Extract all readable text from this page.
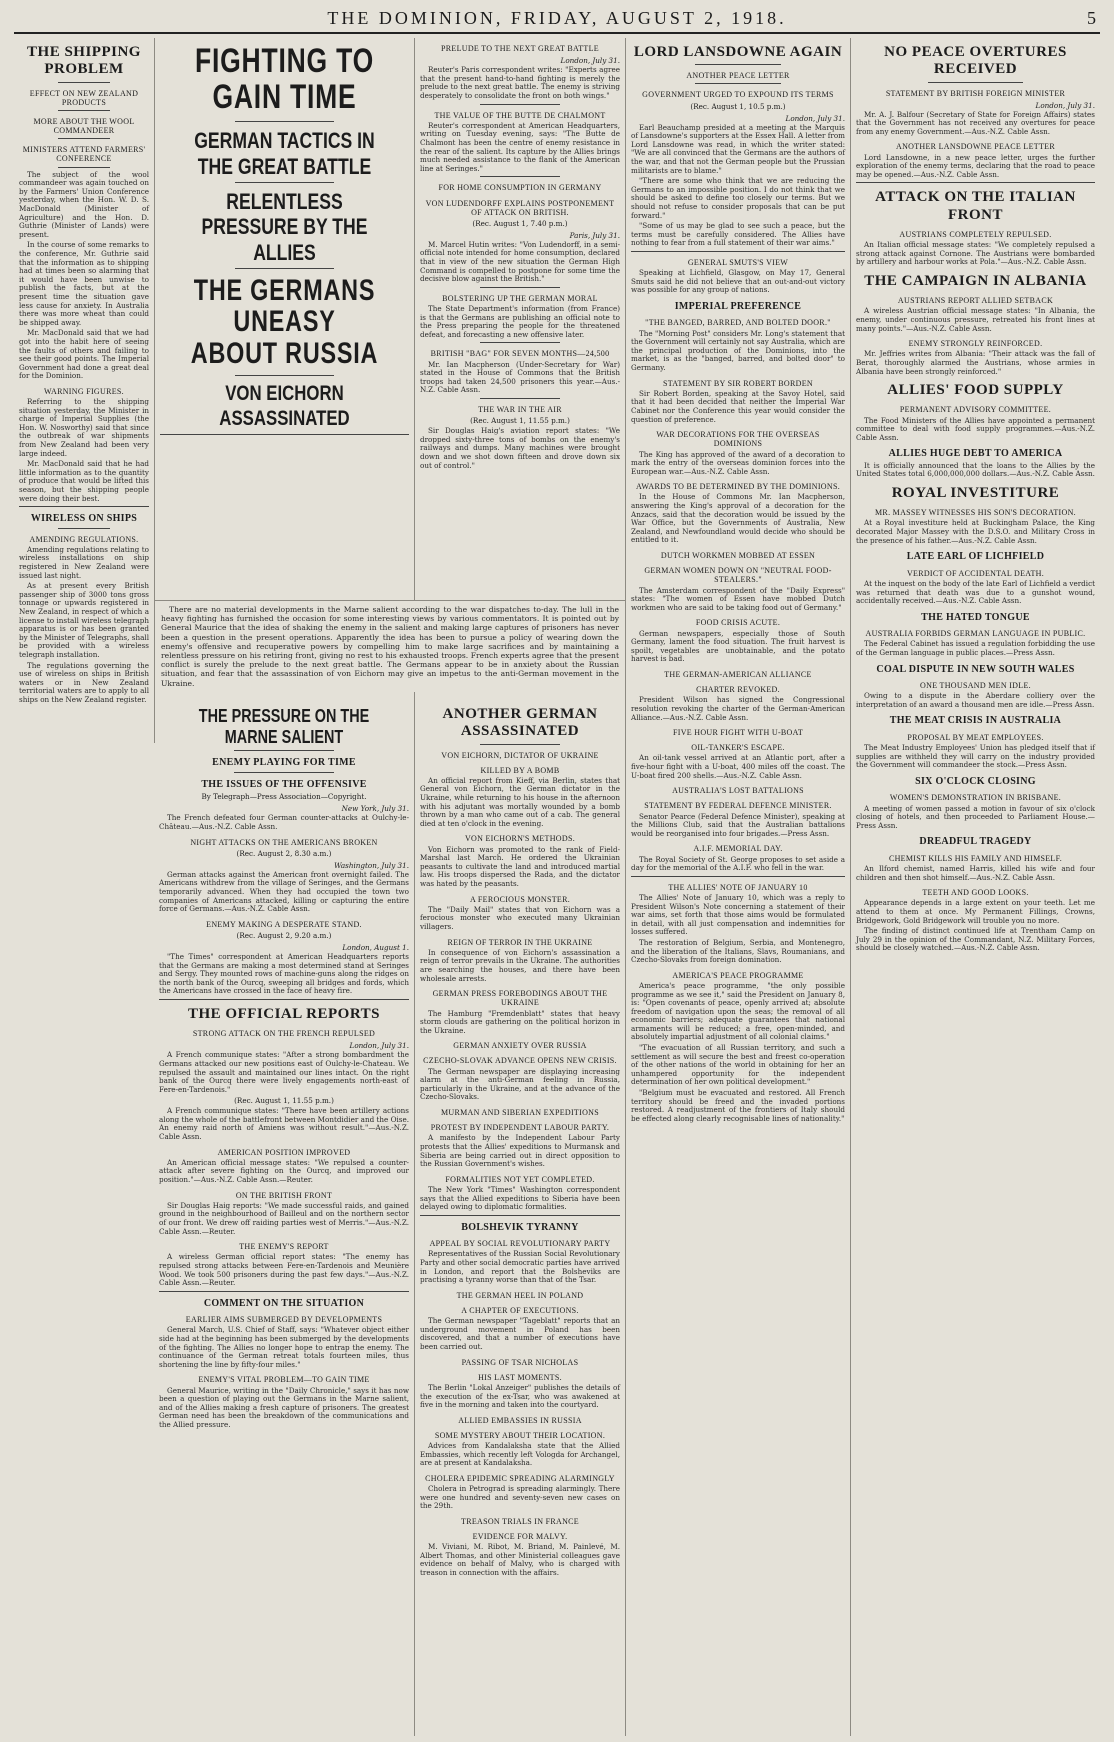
THE DOMINION, FRIDAY, AUGUST 2, 1918.	5
THE SHIPPING PROBLEM
EFFECT ON NEW ZEALAND PRODUCTS
MORE ABOUT THE WOOL COMMANDEER
MINISTERS ATTEND FARMERS' CONFERENCE

The subject of the wool commandeer was again touched on by the Farmers' Union Conference yesterday, when the Hon. W. D. S. MacDonald (Minister of Agriculture) and the Hon. D. Guthrie (Minister of Lands) were present.

In the course of some remarks to the conference, Mr. Guthrie said that the information as to shipping had at times been so alarming that it would have been unwise to publish the facts, but at the present time the situation gave less cause for anxiety. In Australia there was more wheat than could be shipped away.

Mr. MacDonald said that we had got into the habit here of seeing the faults of others and failing to see their good points. The Imperial Government had done a great deal for the Dominion.

WARNING FIGURES.

Referring to the shipping situation yesterday, the Minister in charge of Imperial Supplies (the Hon. W. Nosworthy) said that since the outbreak of war shipments from New Zealand had been very large indeed.

Mr. MacDonald said that he had little information as to the quantity of produce that would be lifted this season, but the shipping people were doing their best.

WIRELESS ON SHIPS
AMENDING REGULATIONS.

Amending regulations relating to wireless installations on ship registered in New Zealand were issued last night.

As at present every British passenger ship of 3000 tons gross tonnage or upwards registered in New Zealand, in respect of which a license to install wireless telegraph apparatus is or has been granted by the Minister of Telegraphs, shall be provided with a wireless telegraph installation.

The regulations governing the use of wireless on ships in British waters or in New Zealand territorial waters are to apply to all ships on the New Zealand register.

FIGHTING TO GAIN TIME
GERMAN TACTICS IN THE GREAT BATTLE
RELENTLESS PRESSURE BY THE ALLIES
THE GERMANS UNEASY ABOUT RUSSIA
VON EICHORN ASSASSINATED
PRELUDE TO THE NEXT GREAT BATTLE
London, July 31.

Reuter's Paris correspondent writes: "Experts agree that the present hand-to-hand fighting is merely the prelude to the next great battle. The enemy is striving desperately to consolidate the front on both wings."

THE VALUE OF THE BUTTE DE CHALMONT

Reuter's correspondent at American Headquarters, writing on Tuesday evening, says: "The Butte de Chalmont has been the centre of enemy resistance in the rear of the salient. Its capture by the Allies brings much needed assistance to the flank of the American line at Seringes."

FOR HOME CONSUMPTION IN GERMANY
VON LUDENDORFF EXPLAINS POSTPONEMENT OF ATTACK ON BRITISH.
(Rec. August 1, 7.40 p.m.)
Paris, July 31.

M. Marcel Hutin writes: "Von Ludendorff, in a semi-official note intended for home consumption, declared that in view of the new situation the German High Command is compelled to postpone for some time the decisive blow against the British."

BOLSTERING UP THE GERMAN MORAL

The State Department's information (from France) is that the Germans are publishing an official note to the Press preparing the people for the threatened defeat, and forecasting a new offensive later.

BRITISH "BAG" FOR SEVEN MONTHS—24,500

Mr. Ian Macpherson (Under-Secretary for War) stated in the House of Commons that the British troops had taken 24,500 prisoners this year.—Aus.-N.Z. Cable Assn.

THE WAR IN THE AIR
(Rec. August 1, 11.55 p.m.)

Sir Douglas Haig's aviation report states: "We dropped sixty-three tons of bombs on the enemy's railways and dumps. Many machines were brought down and we shot down fifteen and drove down six out of control."

There are no material developments in the Marne salient according to the war dispatches to-day. The lull in the heavy fighting has furnished the occasion for some interesting views by various commentators. It is pointed out by General Maurice that the idea of shaking the enemy in the salient and making large captures of prisoners has never been a question in the present operations. Apparently the idea has been to pursue a policy of wearing down the enemy's offensive and recuperative powers by compelling him to make large sacrifices and by maintaining a relentless pressure on his retiring front, giving no rest to his exhausted troops. French experts agree that the present conflict is surely the prelude to the next great battle. The Germans appear to be in anxiety about the Russian situation, and fear that the assassination of von Eichorn may give an impetus to the anti-German movement in the Ukraine.

THE PRESSURE ON THE MARNE SALIENT
ENEMY PLAYING FOR TIME
THE ISSUES OF THE OFFENSIVE
By Telegraph—Press Association—Copyright.
New York, July 31.

The French defeated four German counter-attacks at Oulchy-le-Château.—Aus.-N.Z. Cable Assn.

NIGHT ATTACKS ON THE AMERICANS BROKEN
(Rec. August 2, 8.30 a.m.)
Washington, July 31.

German attacks against the American front overnight failed. The Americans withdrew from the village of Seringes, and the Germans temporarily advanced. When they had occupied the town two companies of Americans attacked, killing or capturing the entire force of Germans.—Aus.-N.Z. Cable Assn.

ENEMY MAKING A DESPERATE STAND.
(Rec. August 2, 9.20 a.m.)
London, August 1.

"The Times" correspondent at American Headquarters reports that the Germans are making a most determined stand at Seringes and Sergy. They mounted rows of machine-guns along the ridges on the north bank of the Ourcq, sweeping all bridges and fords, which the Americans have crossed in the face of heavy fire.

THE OFFICIAL REPORTS
STRONG ATTACK ON THE FRENCH REPULSED
London, July 31.

A French communique states: "After a strong bombardment the Germans attacked our new positions east of Oulchy-le-Chateau. We repulsed the assault and maintained our lines intact. On the right bank of the Ourcq there were lively engagements north-east of Fere-en-Tardenois."

(Rec. August 1, 11.55 p.m.)

A French communique states: "There have been artillery actions along the whole of the battlefront between Montdidier and the Oise. An enemy raid north of Amiens was without result."—Aus.-N.Z. Cable Assn.

AMERICAN POSITION IMPROVED

An American official message states: "We repulsed a counter-attack after severe fighting on the Ourcq, and improved our position."—Aus.-N.Z. Cable Assn.—Reuter.

ON THE BRITISH FRONT

Sir Douglas Haig reports: "We made successful raids, and gained ground in the neighbourhood of Bailleul and on the northern sector of our front. We drew off raiding parties west of Merris."—Aus.-N.Z. Cable Assn.—Reuter.

THE ENEMY'S REPORT

A wireless German official report states: "The enemy has repulsed strong attacks between Fere-en-Tardenois and Meunière Wood. We took 500 prisoners during the past few days."—Aus.-N.Z. Cable Assn.—Reuter.

COMMENT ON THE SITUATION
EARLIER AIMS SUBMERGED BY DEVELOPMENTS

General March, U.S. Chief of Staff, says: "Whatever object either side had at the beginning has been submerged by the developments of the fighting. The Allies no longer hope to entrap the enemy. The continuance of the German retreat totals fourteen miles, thus shortening the line by fifty-four miles."

ENEMY'S VITAL PROBLEM—TO GAIN TIME

General Maurice, writing in the "Daily Chronicle," says it has now been a question of playing out the Germans in the Marne salient, and of the Allies making a fresh capture of prisoners. The greatest German need has been the breakdown of the communications and the Allied pressure.

ANOTHER GERMAN ASSASSINATED
VON EICHORN, DICTATOR OF UKRAINE
KILLED BY A BOMB

An official report from Kieff, via Berlin, states that General von Eichorn, the German dictator in the Ukraine, while returning to his house in the afternoon with his adjutant was mortally wounded by a bomb thrown by a man who came out of a cab. The general died at ten o'clock in the evening.

VON EICHORN'S METHODS.

Von Eichorn was promoted to the rank of Field-Marshal last March. He ordered the Ukrainian peasants to cultivate the land and introduced martial law. His troops dispersed the Rada, and the dictator was hated by the peasants.

A FEROCIOUS MONSTER.

The "Daily Mail" states that von Eichorn was a ferocious monster who executed many Ukrainian villagers.

REIGN OF TERROR IN THE UKRAINE

In consequence of von Eichorn's assassination a reign of terror prevails in the Ukraine. The authorities are searching the houses, and there have been wholesale arrests.

GERMAN PRESS FOREBODINGS ABOUT THE UKRAINE

The Hamburg "Fremdenblatt" states that heavy storm clouds are gathering on the political horizon in the Ukraine.

GERMAN ANXIETY OVER RUSSIA
CZECHO-SLOVAK ADVANCE OPENS NEW CRISIS.

The German newspaper are displaying increasing alarm at the anti-German feeling in Russia, particularly in the Ukraine, and at the advance of the Czecho-Slovaks.

MURMAN AND SIBERIAN EXPEDITIONS
PROTEST BY INDEPENDENT LABOUR PARTY.

A manifesto by the Independent Labour Party protests that the Allies' expeditions to Murmansk and Siberia are being carried out in direct opposition to the Russian Government's wishes.

FORMALITIES NOT YET COMPLETED.

The New York "Times" Washington correspondent says that the Allied expeditions to Siberia have been delayed owing to diplomatic formalities.

BOLSHEVIK TYRANNY
APPEAL BY SOCIAL REVOLUTIONARY PARTY

Representatives of the Russian Social Revolutionary Party and other social democratic parties have arrived in London, and report that the Bolsheviks are practising a tyranny worse than that of the Tsar.

THE GERMAN HEEL IN POLAND
A CHAPTER OF EXECUTIONS.

The German newspaper "Tageblatt" reports that an underground movement in Poland has been discovered, and that a number of executions have been carried out.

PASSING OF TSAR NICHOLAS
HIS LAST MOMENTS.

The Berlin "Lokal Anzeiger" publishes the details of the execution of the ex-Tsar, who was awakened at five in the morning and taken into the courtyard.

ALLIED EMBASSIES IN RUSSIA
SOME MYSTERY ABOUT THEIR LOCATION.

Advices from Kandalaksha state that the Allied Embassies, which recently left Vologda for Archangel, are at present at Kandalaksha.

CHOLERA EPIDEMIC SPREADING ALARMINGLY

Cholera in Petrograd is spreading alarmingly. There were one hundred and seventy-seven new cases on the 29th.

TREASON TRIALS IN FRANCE
EVIDENCE FOR MALVY.

M. Viviani, M. Ribot, M. Briand, M. Painlevé, M. Albert Thomas, and other Ministerial colleagues gave evidence on behalf of Malvy, who is charged with treason in connection with the affairs.

LORD LANSDOWNE AGAIN
ANOTHER PEACE LETTER
GOVERNMENT URGED TO EXPOUND ITS TERMS
(Rec. August 1, 10.5 p.m.)
London, July 31.

Earl Beauchamp presided at a meeting at the Marquis of Lansdowne's supporters at the Essex Hall. A letter from Lord Lansdowne was read, in which the writer stated: "We are all convinced that the Germans are the authors of the war, and that not the German people but the Prussian militarists are to blame."

"There are some who think that we are reducing the Germans to an impossible position. I do not think that we should be asked to define too closely our terms. But we should not refuse to consider proposals that can be put forward."

"Some of us may be glad to see such a peace, but the terms must be carefully considered. The Allies have nothing to fear from a full statement of their war aims."

GENERAL SMUTS'S VIEW

Speaking at Lichfield, Glasgow, on May 17, General Smuts said he did not believe that an out-and-out victory was possible for any group of nations.

IMPERIAL PREFERENCE
"THE BANGED, BARRED, AND BOLTED DOOR."

The "Morning Post" considers Mr. Long's statement that the Government will certainly not say Australia, which are the principal production of the Dominions, into the market, is as the "banged, barred, and bolted door" to Germany.

STATEMENT BY SIR ROBERT BORDEN

Sir Robert Borden, speaking at the Savoy Hotel, said that it had been decided that neither the Imperial War Cabinet nor the Conference this year would consider the question of preference.

WAR DECORATIONS FOR THE OVERSEAS DOMINIONS

The King has approved of the award of a decoration to mark the entry of the overseas dominion forces into the European war.—Aus.-N.Z. Cable Assn.

AWARDS TO BE DETERMINED BY THE DOMINIONS.

In the House of Commons Mr. Ian Macpherson, answering the King's approval of a decoration for the Anzacs, said that the decoration would be issued by the War Office, but the Governments of Australia, New Zealand, and Newfoundland would decide who should be entitled to it.

DUTCH WORKMEN MOBBED AT ESSEN
GERMAN WOMEN DOWN ON "NEUTRAL FOOD-STEALERS."

The Amsterdam correspondent of the "Daily Express" states: "The women of Essen have mobbed Dutch workmen who are said to be taking food out of Germany."

FOOD CRISIS ACUTE.

German newspapers, especially those of South Germany, lament the food situation. The fruit harvest is spoilt, vegetables are unobtainable, and the potato harvest is bad.

THE GERMAN-AMERICAN ALLIANCE
CHARTER REVOKED.

President Wilson has signed the Congressional resolution revoking the charter of the German-American Alliance.—Aus.-N.Z. Cable Assn.

FIVE HOUR FIGHT WITH U-BOAT
OIL-TANKER'S ESCAPE.

An oil-tank vessel arrived at an Atlantic port, after a five-hour fight with a U-boat, 400 miles off the coast. The U-boat fired 200 shells.—Aus.-N.Z. Cable Assn.

AUSTRALIA'S LOST BATTALIONS
STATEMENT BY FEDERAL DEFENCE MINISTER.

Senator Pearce (Federal Defence Minister), speaking at the Millions Club, said that the Australian battalions would be reorganised into four brigades.—Press Assn.

A.I.F. MEMORIAL DAY.

The Royal Society of St. George proposes to set aside a day for the memorial of the A.I.F. who fell in the war.

THE ALLIES' NOTE OF JANUARY 10

The Allies' Note of January 10, which was a reply to President Wilson's Note concerning a statement of their war aims, set forth that those aims would be formulated in detail, with all just compensation and indemnities for losses suffered.

The restoration of Belgium, Serbia, and Montenegro, and the liberation of the Italians, Slavs, Roumanians, and Czecho-Slovaks from foreign domination.

AMERICA'S PEACE PROGRAMME

America's peace programme, "the only possible programme as we see it," said the President on January 8, is: "Open covenants of peace, openly arrived at; absolute freedom of navigation upon the seas; the removal of all economic barriers; adequate guarantees that national armaments will be reduced; a free, open-minded, and absolutely impartial adjustment of all colonial claims."

"The evacuation of all Russian territory, and such a settlement as will secure the best and freest co-operation of the other nations of the world in obtaining for her an unhampered opportunity for the independent determination of her own political development."

"Belgium must be evacuated and restored. All French territory should be freed and the invaded portions restored. A readjustment of the frontiers of Italy should be effected along clearly recognisable lines of nationality."

NO PEACE OVERTURES RECEIVED
STATEMENT BY BRITISH FOREIGN MINISTER
London, July 31.

Mr. A. J. Balfour (Secretary of State for Foreign Affairs) states that the Government has not received any overtures for peace from any enemy Government.—Aus.-N.Z. Cable Assn.

ANOTHER LANSDOWNE PEACE LETTER

Lord Lansdowne, in a new peace letter, urges the further exploration of the enemy terms, declaring that the road to peace may be opened.—Aus.-N.Z. Cable Assn.

ATTACK ON THE ITALIAN FRONT
AUSTRIANS COMPLETELY REPULSED.

An Italian official message states: "We completely repulsed a strong attack against Cornone. The Austrians were bombarded by artillery and harbour works at Pola."—Aus.-N.Z. Cable Assn.

THE CAMPAIGN IN ALBANIA
AUSTRIANS REPORT ALLIED SETBACK

A wireless Austrian official message states: "In Albania, the enemy, under continuous pressure, retreated his front lines at many points."—Aus.-N.Z. Cable Assn.

ENEMY STRONGLY REINFORCED.

Mr. Jeffries writes from Albania: "Their attack was the fall of Berat, thoroughly alarmed the Austrians, whose armies in Albania have been strongly reinforced."

ALLIES' FOOD SUPPLY
PERMANENT ADVISORY COMMITTEE.

The Food Ministers of the Allies have appointed a permanent committee to deal with food supply programmes.—Aus.-N.Z. Cable Assn.

ALLIES HUGE DEBT TO AMERICA

It is officially announced that the loans to the Allies by the United States total 6,000,000,000 dollars.—Aus.-N.Z. Cable Assn.

ROYAL INVESTITURE
MR. MASSEY WITNESSES HIS SON'S DECORATION.

At a Royal investiture held at Buckingham Palace, the King decorated Major Massey with the D.S.O. and Military Cross in the presence of his father.—Aus.-N.Z. Cable Assn.

LATE EARL OF LICHFIELD
VERDICT OF ACCIDENTAL DEATH.

At the inquest on the body of the late Earl of Lichfield a verdict was returned that death was due to a gunshot wound, accidentally received.—Aus.-N.Z. Cable Assn.

THE HATED TONGUE
AUSTRALIA FORBIDS GERMAN LANGUAGE IN PUBLIC.

The Federal Cabinet has issued a regulation forbidding the use of the German language in public places.—Press Assn.

COAL DISPUTE IN NEW SOUTH WALES
ONE THOUSAND MEN IDLE.

Owing to a dispute in the Aberdare colliery over the interpretation of an award a thousand men are idle.—Press Assn.

THE MEAT CRISIS IN AUSTRALIA
PROPOSAL BY MEAT EMPLOYEES.

The Meat Industry Employees' Union has pledged itself that if supplies are withheld they will carry on the industry provided the Government will commandeer the stock.—Press Assn.

SIX O'CLOCK CLOSING
WOMEN'S DEMONSTRATION IN BRISBANE.

A meeting of women passed a motion in favour of six o'clock closing of hotels, and then proceeded to Parliament House.—Press Assn.

DREADFUL TRAGEDY
CHEMIST KILLS HIS FAMILY AND HIMSELF.

An Ilford chemist, named Harris, killed his wife and four children and then shot himself.—Aus.-N.Z. Cable Assn.

TEETH AND GOOD LOOKS.

Appearance depends in a large extent on your teeth. Let me attend to them at once. My Permanent Fillings, Crowns, Bridgework, Gold Bridgework will trouble you no more.

The finding of distinct continued life at Trentham Camp on July 29 in the opinion of the Commandant, N.Z. Military Forces, should be closely watched.—Aus.-N.Z. Cable Assn.
